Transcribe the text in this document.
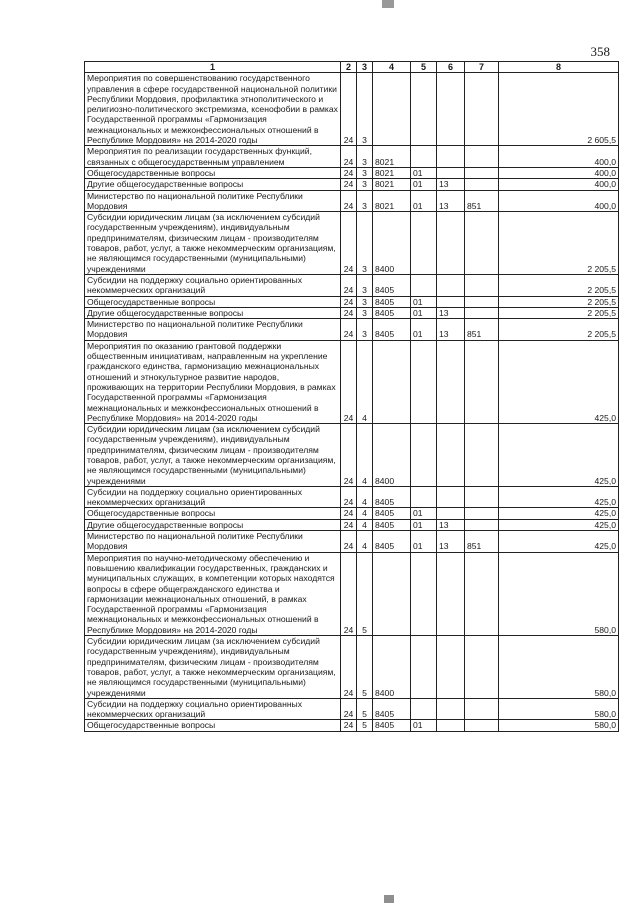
358
1	2	3	4	5	6	7	8

Мероприятия по совершенствованию государственного управления в сфере государственной национальной политики Республики Мордовия, профилактика этнополитического и религиозно-политического экстремизма, ксенофобии в рамках Государственной программы «Гармонизация межнациональных и межконфессиональных отношений в Республике Мордовия» на 2014-2020 годы	24	3					2 605,5

Мероприятия по реализации государственных функций, связанных с общегосударственным управлением	24	3	8021				400,0

Общегосударственные вопросы	24	3	8021	01			400,0

Другие общегосударственные вопросы	24	3	8021	01	13		400,0

Министерство по национальной политике Республики Мордовия	24	3	8021	01	13	851	400,0

Субсидии юридическим лицам (за исключением субсидий государственным учреждениям), индивидуальным предпринимателям, физическим лицам - производителям товаров, работ, услуг, а также некоммерческим организациям, не являющимся государственными (муниципальными) учреждениями	24	3	8400				2 205,5

Субсидии на поддержку социально ориентированных некоммерческих организаций	24	3	8405				2 205,5

Общегосударственные вопросы	24	3	8405	01			2 205,5

Другие общегосударственные вопросы	24	3	8405	01	13		2 205,5

Министерство по национальной политике Республики Мордовия	24	3	8405	01	13	851	2 205,5

Мероприятия по оказанию грантовой поддержки общественным инициативам, направленным на укрепление гражданского единства, гармонизацию межнациональных отношений и этнокультурное развитие народов, проживающих на территории Республики Мордовия, в рамках Государственной программы «Гармонизация межнациональных и межконфессиональных отношений в Республике Мордовия» на 2014-2020 годы	24	4					425,0

Субсидии юридическим лицам (за исключением субсидий государственным учреждениям), индивидуальным предпринимателям, физическим лицам - производителям товаров, работ, услуг, а также некоммерческим организациям, не являющимся государственными (муниципальными) учреждениями	24	4	8400				425,0

Субсидии на поддержку социально ориентированных некоммерческих организаций	24	4	8405				425,0

Общегосударственные вопросы	24	4	8405	01			425,0

Другие общегосударственные вопросы	24	4	8405	01	13		425,0

Министерство по национальной политике Республики Мордовия	24	4	8405	01	13	851	425,0

Мероприятия по научно-методическому обеспечению и повышению квалификации государственных, гражданских и муниципальных служащих, в компетенции которых находятся вопросы в сфере общегражданского единства и гармонизации межнациональных отношений, в рамках Государственной программы «Гармонизация межнациональных и межконфессиональных отношений в Республике Мордовия» на 2014-2020 годы	24	5					580,0

Субсидии юридическим лицам (за исключением субсидий государственным учреждениям), индивидуальным предпринимателям, физическим лицам - производителям товаров, работ, услуг, а также некоммерческим организациям, не являющимся государственными (муниципальными) учреждениями	24	5	8400				580,0

Субсидии на поддержку социально ориентированных некоммерческих организаций	24	5	8405				580,0

Общегосударственные вопросы	24	5	8405	01			580,0
